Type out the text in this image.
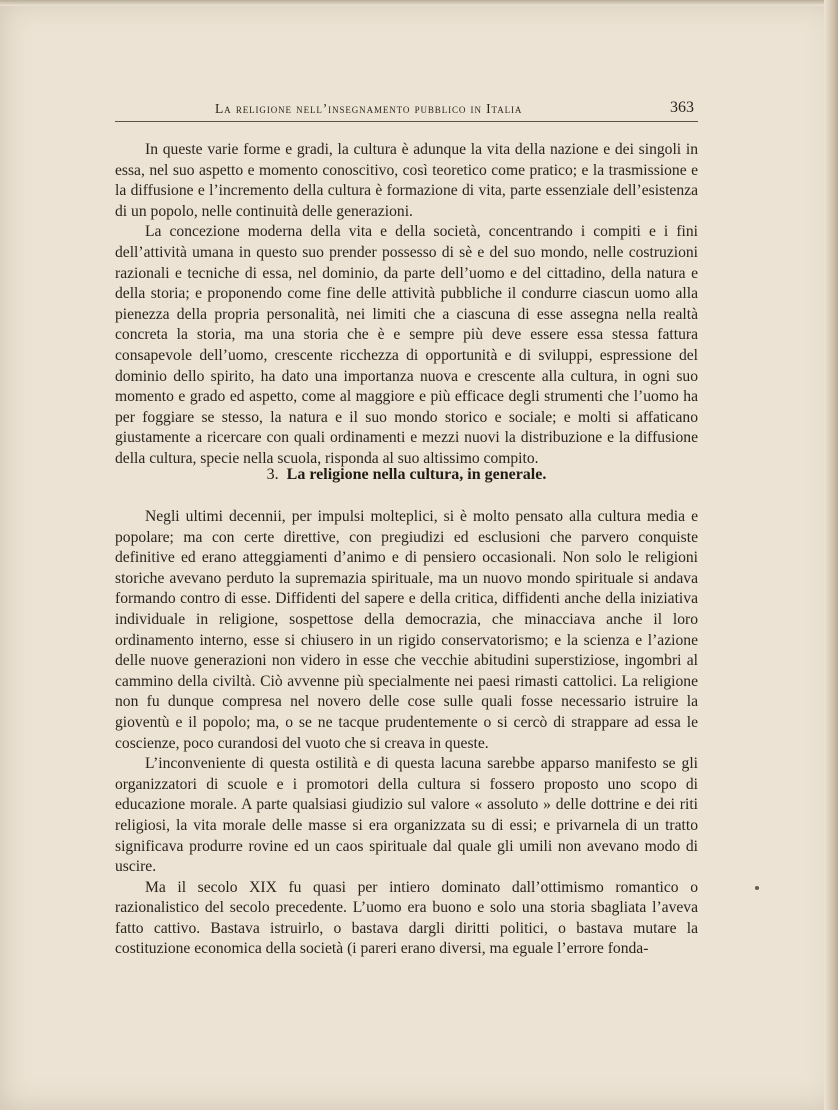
La religione nell’insegnamento pubblico in Italia	363

In queste varie forme e gradi, la cultura è adunque la vita della nazione e dei singoli in essa, nel suo aspetto e momento conoscitivo, così teoretico come pratico; e la trasmissione e la diffusione e l’incremento della cultura è formazione di vita, parte essenziale dell’esistenza di un popolo, nelle continuità delle generazioni.

La concezione moderna della vita e della società, concentrando i compiti e i fini dell’attività umana in questo suo prender possesso di sè e del suo mondo, nelle costruzioni razionali e tecniche di essa, nel dominio, da parte dell’uomo e del cittadino, della natura e della storia; e proponendo come fine delle attività pubbliche il condurre ciascun uomo alla pienezza della propria personalità, nei limiti che a ciascuna di esse assegna nella realtà concreta la storia, ma una storia che è e sempre più deve essere essa stessa fattura consapevole dell’uomo, crescente ricchezza di opportunità e di sviluppi, espressione del dominio dello spirito, ha dato una importanza nuova e crescente alla cultura, in ogni suo momento e grado ed aspetto, come al maggiore e più efficace degli strumenti che l’uomo ha per foggiare se stesso, la natura e il suo mondo storico e sociale; e molti si affaticano giustamente a ricercare con quali ordinamenti e mezzi nuovi la distribuzione e la diffusione della cultura, specie nella scuola, risponda al suo altissimo compito.

3. La religione nella cultura, in generale.

Negli ultimi decennii, per impulsi molteplici, si è molto pensato alla cultura media e popolare; ma con certe direttive, con pregiudizi ed esclusioni che parvero conquiste definitive ed erano atteggiamenti d’animo e di pensiero occasionali. Non solo le religioni storiche avevano perduto la supremazia spirituale, ma un nuovo mondo spirituale si andava formando contro di esse. Diffidenti del sapere e della critica, diffidenti anche della iniziativa individuale in religione, sospettose della democrazia, che minacciava anche il loro ordinamento interno, esse si chiusero in un rigido conservatorismo; e la scienza e l’azione delle nuove generazioni non videro in esse che vecchie abitudini superstiziose, ingombri al cammino della civiltà. Ciò avvenne più specialmente nei paesi rimasti cattolici. La religione non fu dunque compresa nel novero delle cose sulle quali fosse necessario istruire la gioventù e il popolo; ma, o se ne tacque prudentemente o si cercò di strappare ad essa le coscienze, poco curandosi del vuoto che si creava in queste.

L’inconveniente di questa ostilità e di questa lacuna sarebbe apparso manifesto se gli organizzatori di scuole e i promotori della cultura si fossero proposto uno scopo di educazione morale. A parte qualsiasi giudizio sul valore « assoluto » delle dottrine e dei riti religiosi, la vita morale delle masse si era organizzata su di essi; e privarnela di un tratto significava produrre rovine ed un caos spirituale dal quale gli umili non avevano modo di uscire.

Ma il secolo XIX fu quasi per intiero dominato dall’ottimismo romantico o razionalistico del secolo precedente. L’uomo era buono e solo una storia sbagliata l’aveva fatto cattivo. Bastava istruirlo, o bastava dargli diritti politici, o bastava mutare la costituzione economica della società (i pareri erano diversi, ma eguale l’errore fonda-
